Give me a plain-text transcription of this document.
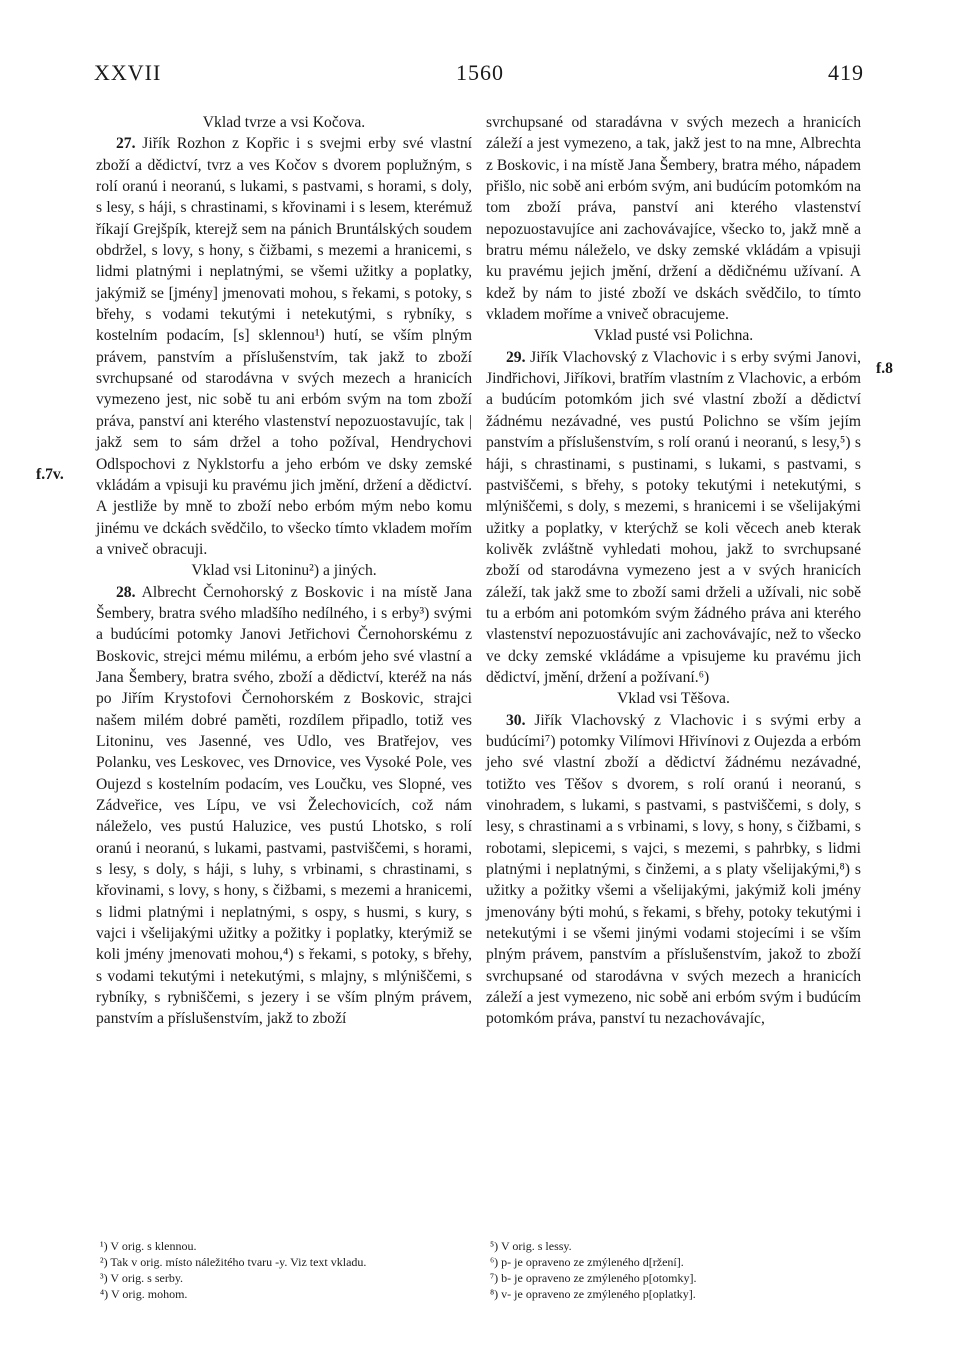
1560
XXVII	419
f.7v.
f.8
Vklad tvrze a vsi Kočova.

27. Jiřík Rozhon z Kopřic i s svejmi erby své vlastní zboží a dědictví, tvrz a ves Kočov s dvorem poplužným, s rolí oranú i neoranú, s lukami, s pastvami, s horami, s doly, s lesy, s háji, s chrastinami, s křovinami i s lesem, kterémuž říkají Grejšpík, kterejž sem na pánich Bruntálských soudem obdržel, s lovy, s hony, s čižbami, s mezemi a hranicemi, s lidmi platnými i neplatnými, se všemi užitky a poplatky, jakýmiž se [jmény] jmenovati mohou, s řekami, s potoky, s břehy, s vodami tekutými i netekutými, s rybníky, s kostelním podacím, [s] sklennou¹) hutí, se vším plným právem, panstvím a příslušenstvím, tak jakž to zboží svrchupsané od starodávna v svých mezech a hranicích vymezeno jest, nic sobě tu ani erbóm svým na tom zboží práva, panství ani kterého vlastenství nepozuostavujíc, tak | jakž sem to sám držel a toho požíval, Hendrychovi Odlspochovi z Nyklstorfu a jeho erbóm ve dsky zemské vkládám a vpisuji ku pravému jich jmění, držení a dědictví. A jestliže by mně to zboží nebo erbóm mým nebo komu jinému ve dckách svědčilo, to všecko tímto vkladem mořím a vniveč obracuji.

Vklad vsi Litoninu²) a jiných.

28. Albrecht Černohorský z Boskovic i na místě Jana Šembery, bratra svého mladšího nedílného, i s erby³) svými a budúcími potomky Janovi Jetřichovi Černohorskému z Boskovic, strejci mému milému, a erbóm jeho své vlastní a Jana Šembery, bratra svého, zboží a dědictví, kteréž na nás po Jiřím Krystofovi Černohorském z Boskovic, strajci našem milém dobré paměti, rozdílem připadlo, totiž ves Litoninu, ves Jasenné, ves Udlo, ves Bratřejov, ves Polanku, ves Leskovec, ves Drnovice, ves Vysoké Pole, ves Oujezd s kostelním podacím, ves Loučku, ves Slopné, ves Zádveřice, ves Lípu, ve vsi Želechovicích, což nám náleželo, ves pustú Haluzice, ves pustú Lhotsko, s rolí oranú i neoranú, s lukami, pastvami, pastviščemi, s horami, s lesy, s doly, s háji, s luhy, s vrbinami, s chrastinami, s křovinami, s lovy, s hony, s čižbami, s mezemi a hranicemi, s lidmi platnými i neplatnými, s ospy, s husmi, s kury, s vajci i všelijakými užitky a požitky i poplatky, kterýmiž se koli jmény jmenovati mohou,⁴) s řekami, s potoky, s břehy, s vodami tekutými i netekutými, s mlajny, s mlýniščemi, s rybníky, s rybniščemi, s jezery i se vším plným právem, panstvím a příslušenstvím, jakž to zboží

svrchupsané od staradávna v svých mezech a hranicích záleží a jest vymezeno, a tak, jakž jest to na mne, Albrechta z Boskovic, i na místě Jana Šembery, bratra mého, nápadem přišlo, nic sobě ani erbóm svým, ani budúcím potomkóm na tom zboží práva, panství ani kterého vlastenství nepozuostavujíce ani zachovávajíce, všecko to, jakž mně a bratru mému náleželo, ve dsky zemské vkládám a vpisuji ku pravému jejich jmění, držení a dědičnému užívaní. A kdež by nám to jisté zboží ve dskách svědčilo, to tímto vkladem moříme a vniveč obracujeme.

Vklad pusté vsi Polichna.

29. Jiřík Vlachovský z Vlachovic i s erby svými Janovi, Jindřichovi, Jiříkovi, bratřím vlastním z Vlachovic, a erbóm a budúcím potomkóm jich své vlastní zboží a dědictví žádnému nezávadné, ves pustú Polichno se vším jejím panstvím a příslušenstvím, s rolí oranú i neoranú, s lesy,⁵) s háji, s chrastinami, s pustinami, s lukami, s pastvami, s pastviščemi, s břehy, s potoky tekutými i netekutými, s mlýniščemi, s doly, s mezemi, s hranicemi i se všelijakými užitky a poplatky, v kterýchž se koli věcech aneb kterak kolivěk zvláštně vyhledati mohou, jakž to svrchupsané zboží od starodávna vymezeno jest a v svých hranicích záleží, tak jakž sme to zboží sami drželi a užívali, nic sobě tu a erbóm ani potomkóm svým žádného práva ani kterého vlastenství nepozuostávujíc ani zachovávajíc, než to všecko ve dcky zemské vkládáme a vpisujeme ku pravému jich dědictví, jmění, držení a požívaní.⁶)

Vklad vsi Těšova.

30. Jiřík Vlachovský z Vlachovic i s svými erby a budúcími⁷) potomky Vilímovi Hřivínovi z Oujezda a erbóm jeho své vlastní zboží a dědictví žádnému nezávadné, totižto ves Těšov s dvorem, s rolí oranú i neoranú, s vinohradem, s lukami, s pastvami, s pastviščemi, s doly, s lesy, s chrastinami a s vrbinami, s lovy, s hony, s čižbami, s robotami, slepicemi, s vajci, s mezemi, s pahrbky, s lidmi platnými i neplatnými, s činžemi, a s platy všelijakými,⁸) s užitky a požitky všemi a všelijakými, jakýmiž koli jmény jmenovány býti mohú, s řekami, s břehy, potoky tekutými i netekutými i se všemi jinými vodami stojecími i se vším plným právem, panstvím a příslušenstvím, jakož to zboží svrchupsané od starodávna v svých mezech a hranicích záleží a jest vymezeno, nic sobě ani erbóm svým i budúcím potomkóm práva, panství tu nezachovávajíc,

¹) V orig. s klennou.

²) Tak v orig. místo náležitého tvaru -y. Viz text vkladu.

³) V orig. s serby.

⁴) V orig. mohom.

⁵) V orig. s lessy.

⁶) p- je opraveno ze zmýleného d[ržení].

⁷) b- je opraveno ze zmýleného p[otomky].

⁸) v- je opraveno ze zmýleného p[oplatky].
